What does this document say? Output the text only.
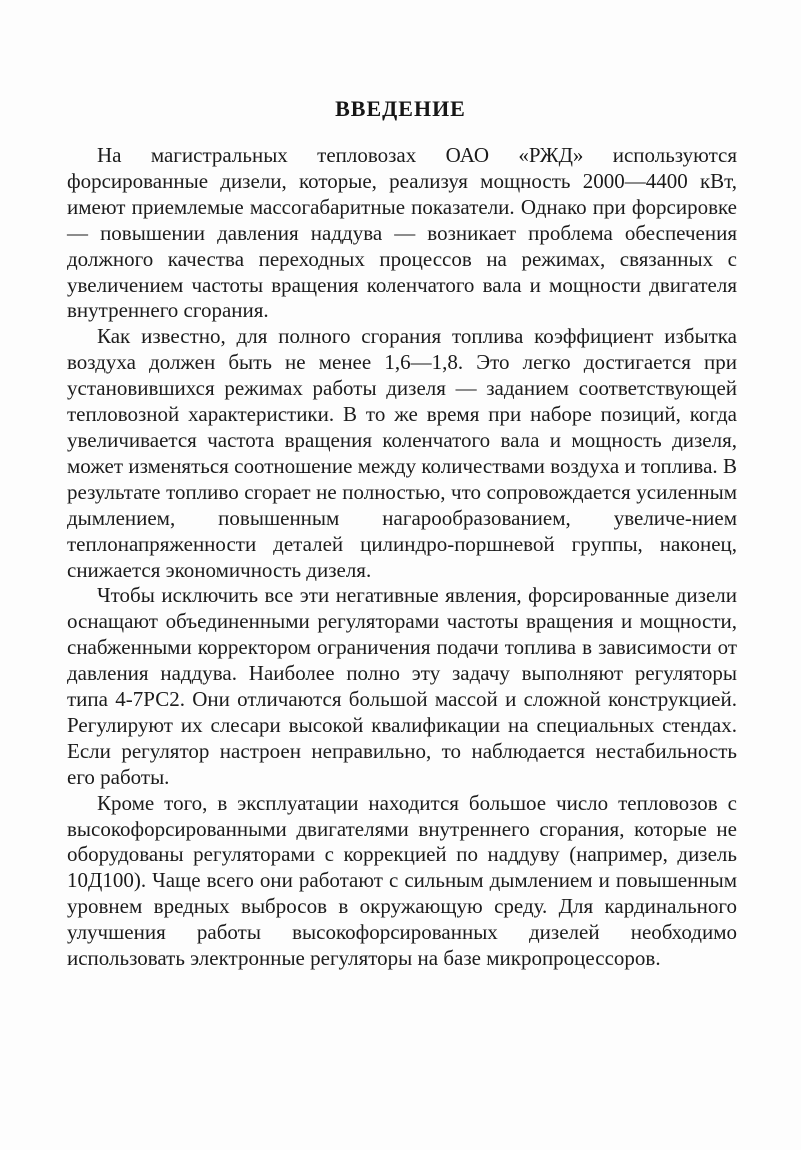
ВВЕДЕНИЕ

На магистральных тепловозах ОАО «РЖД» используются форсированные дизели, которые, реализуя мощность 2000—4400 кВт, имеют приемлемые массогабаритные показатели. Однако при форсировке — повышении давления наддува — возникает проблема обеспечения должного качества переходных процессов на режимах, связанных с увеличением частоты вращения коленчатого вала и мощности двигателя внутреннего сгорания.

Как известно, для полного сгорания топлива коэффициент избытка воздуха должен быть не менее 1,6—1,8. Это легко достигается при установившихся режимах работы дизеля — заданием соответствующей тепловозной характеристики. В то же время при наборе позиций, когда увеличивается частота вращения коленчатого вала и мощность дизеля, может изменяться соотношение между количествами воздуха и топлива. В результате топливо сгорает не полностью, что сопровождается усиленным дымлением, повышенным нагарообразованием, увеличе-нием теплонапряженности деталей цилиндро-поршневой группы, наконец, снижается экономичность дизеля.

Чтобы исключить все эти негативные явления, форсированные дизели оснащают объединенными регуляторами частоты вращения и мощности, снабженными корректором ограничения подачи топлива в зависимости от давления наддува. Наиболее полно эту задачу выполняют регуляторы типа 4-7РС2. Они отличаются большой массой и сложной конструкцией. Регулируют их слесари высокой квалификации на специальных стендах. Если регулятор настроен неправильно, то наблюдается нестабильность его работы.

Кроме того, в эксплуатации находится большое число тепловозов с высокофорсированными двигателями внутреннего сгорания, которые не оборудованы регуляторами с коррекцией по наддуву (например, дизель 10Д100). Чаще всего они работают с сильным дымлением и повышенным уровнем вредных выбросов в окружающую среду. Для кардинального улучшения работы высокофорсированных дизелей необходимо использовать электронные регуляторы на базе микропроцессоров.
